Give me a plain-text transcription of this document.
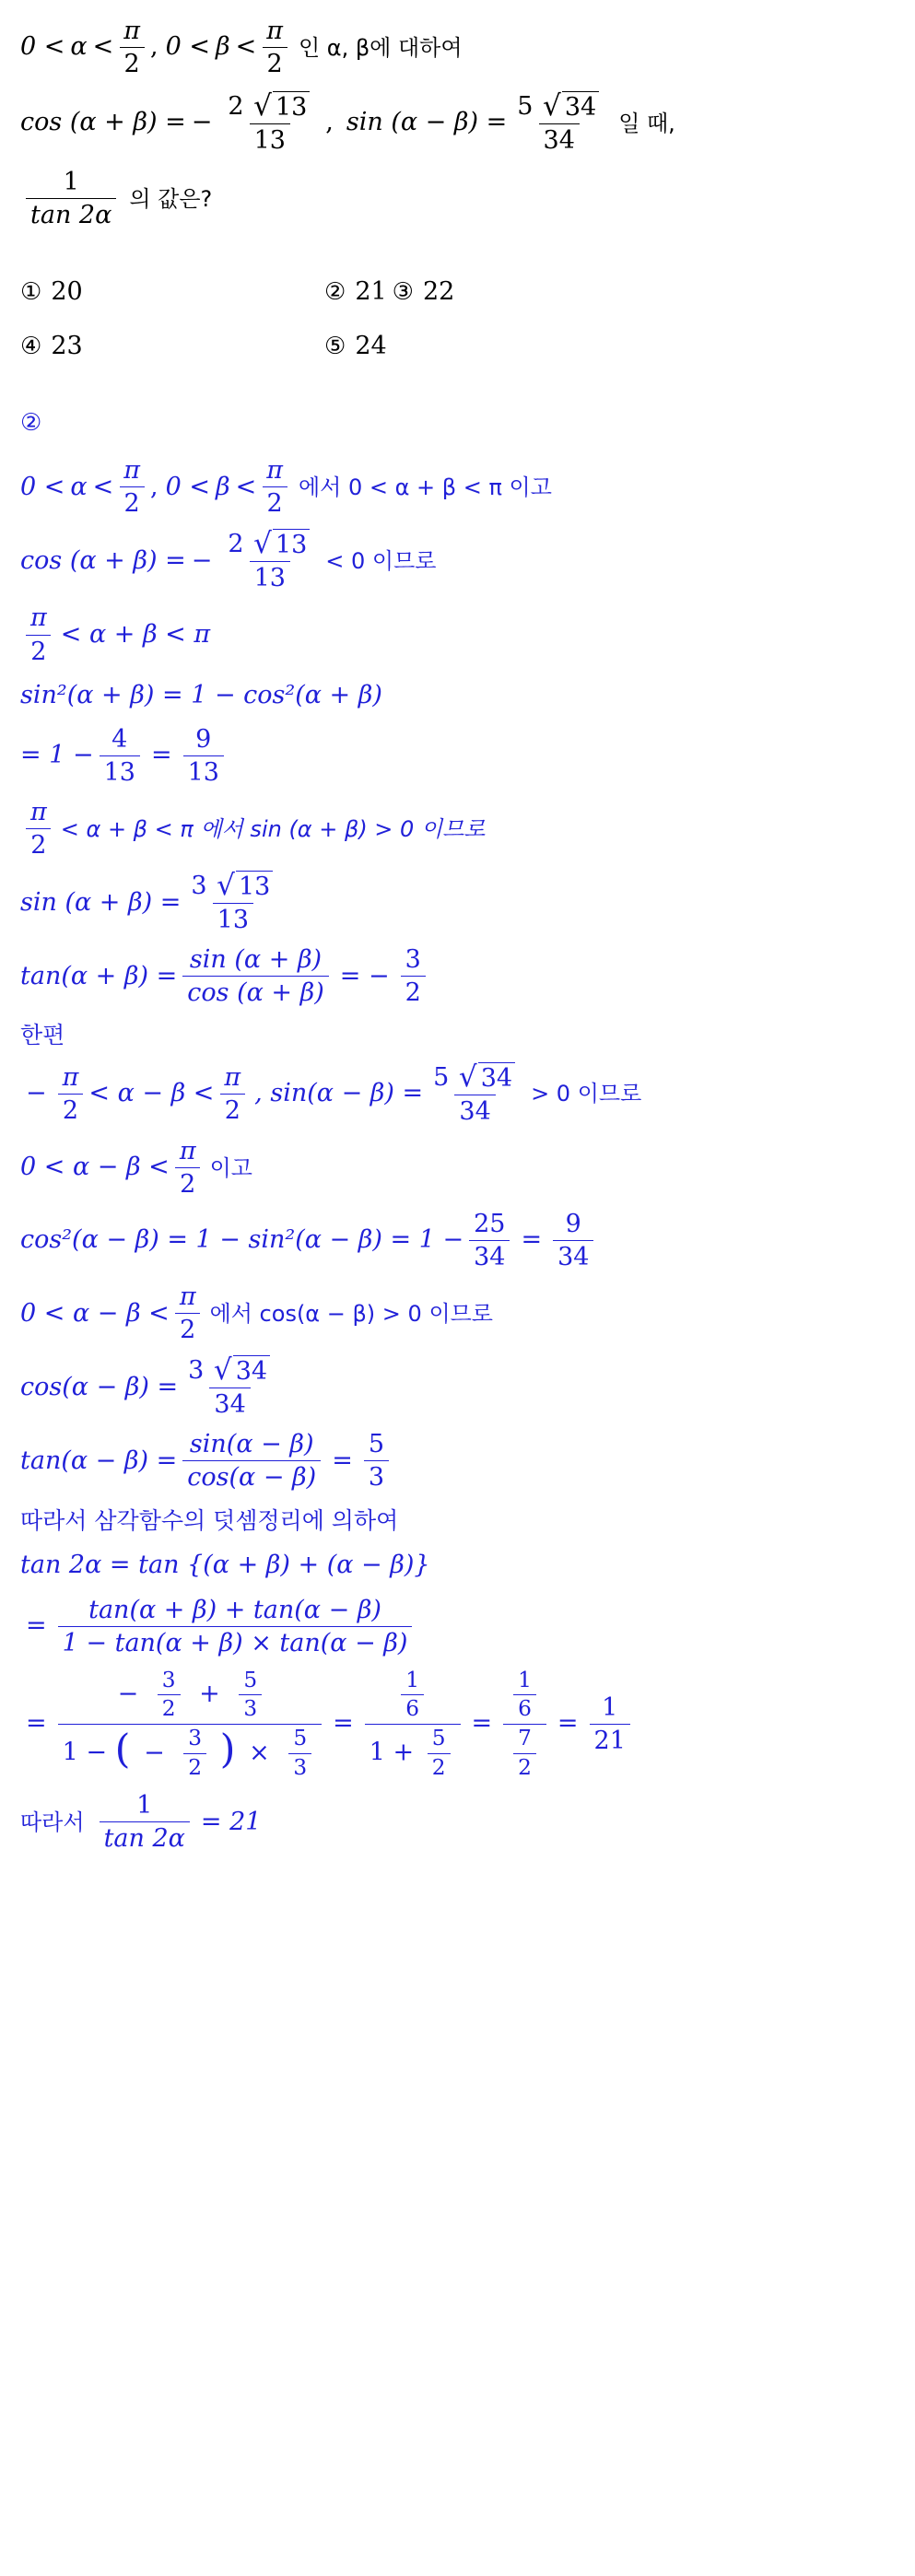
$0 < \alpha < \frac{\pi}{2}$ , $0 < \beta < \frac{\pi}{2}$ 인 α, β에 대하여
cos (α + β) = − $\frac{2 √ 13}{13}$ , $\sin (\alpha - \beta) = \frac{5 √ 34}{34}$ 일 때,
$\frac{1}{\tan 2\alpha}$ 의 값은?
① 20	② 21 ③ 22
④ 23	⑤ 24
②
$0 < \alpha < \frac{\pi}{2}$ , $0 < \beta < \frac{\pi}{2}$ 에서 0 < α + β < π 이고
cos (α + β) = − $\frac{2 √ 13}{13} < 0$ 이므로
$\frac{\pi}{2} < \alpha + \beta < \pi$
sin²(α + β) = 1 − cos²(α + β)
= $1 - \frac{4}{13} = \frac{9}{13}$
$\frac{\pi}{2} < \alpha + \beta < \pi$ 에서 sin (α + β) > 0 이므로
$\sin (\alpha + \beta) = \frac{3 √ 13}{13}$
$\tan(\alpha + \beta) = \frac{\sin (\alpha + \beta)}{\cos (\alpha + \beta)}$ = − $\frac{3}{2}$
한편
− $\frac{\pi}{2} < \alpha - \beta < \frac{\pi}{2}$ , $\sin(\alpha - \beta) = \frac{5 √ 34}{34} > 0$ 이므로
$0 < \alpha - \beta < \frac{\pi}{2}$ 이고
$\cos^2(\alpha - \beta) = 1 - \sin^2(\alpha - \beta) = 1 - \frac{25}{34} = \frac{9}{34}$
$0 < \alpha - \beta < \frac{\pi}{2}$ 에서 cos(α − β) > 0 이므로
$\cos(\alpha - \beta) = \frac{3 √ 34}{34}$
$\tan(\alpha - \beta) = \frac{\sin(\alpha - \beta)}{\cos(\alpha - \beta)} = \frac{5}{3}$
따라서 삼각함수의 덧셈정리에 의하여
tan 2α = tan {(α + β) + (α − β)}
= $\frac{\tan(\alpha + \beta) + \tan(\alpha - \beta)}{1 - \tan(\alpha + \beta) \times \tan(\alpha - \beta)}$
=
− $\frac{3}{2} + \frac{5}{3}$
1 − ( − $\frac{3}{2}$ ) × $\frac{5}{3}$
= $\frac{\frac{1}{6}}{1 + \frac{5}{2}} = \frac{\frac{1}{6}}{\frac{7}{2}} = \frac{1}{21}$
따라서 $\frac{1}{\tan 2\alpha} = 21$
